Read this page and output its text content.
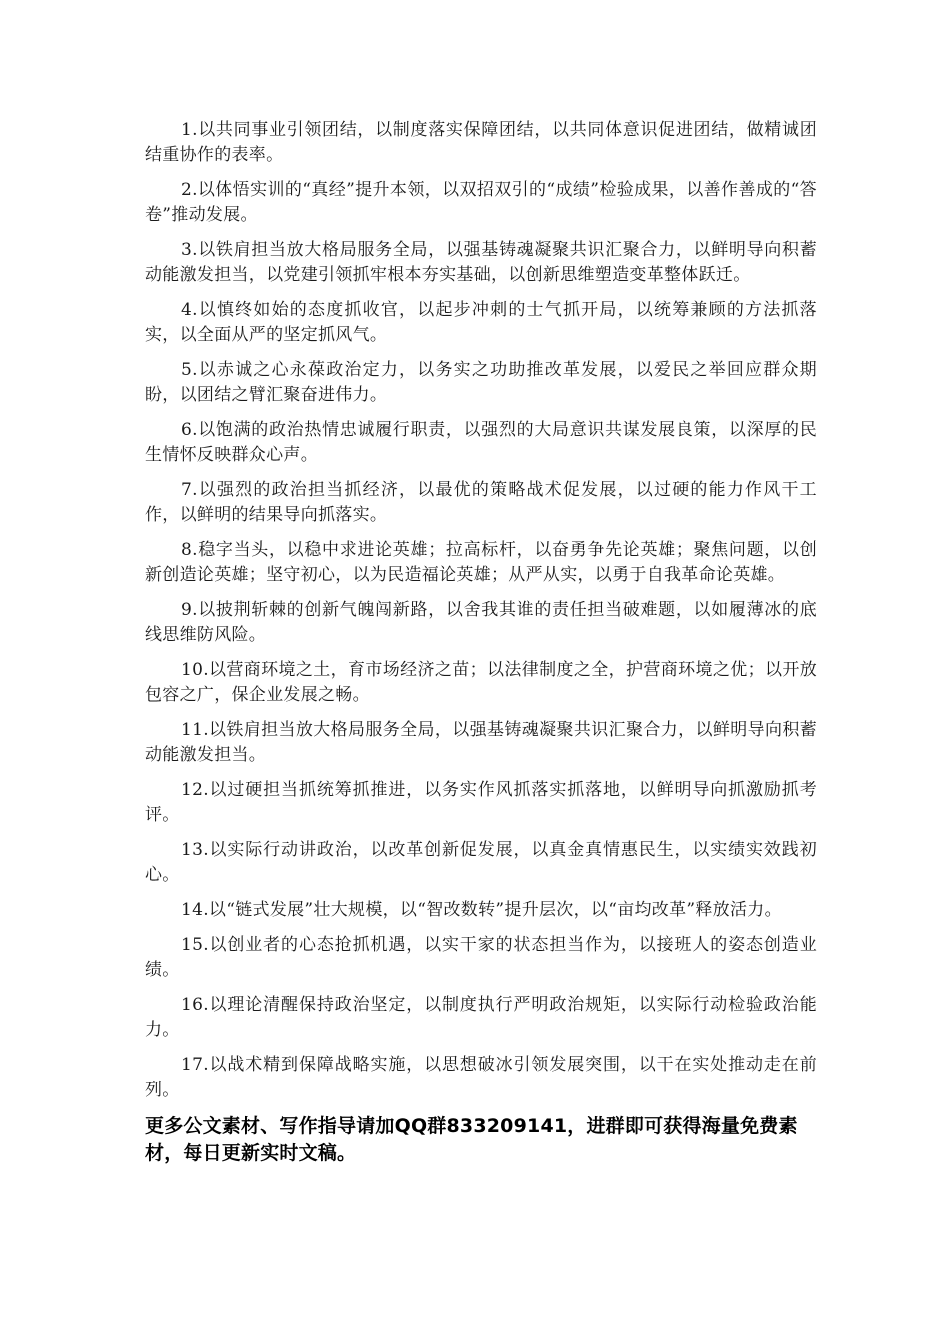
1.以共同事业引领团结，以制度落实保障团结，以共同体意识促进团结，做精诚团结重协作的表率。

2.以体悟实训的“真经”提升本领，以双招双引的“成绩”检验成果，以善作善成的“答卷”推动发展。

3.以铁肩担当放大格局服务全局，以强基铸魂凝聚共识汇聚合力，以鲜明导向积蓄动能激发担当，以党建引领抓牢根本夯实基础，以创新思维塑造变革整体跃迁。

4.以慎终如始的态度抓收官，以起步冲刺的士气抓开局，以统筹兼顾的方法抓落实，以全面从严的坚定抓风气。

5.以赤诚之心永葆政治定力，以务实之功助推改革发展，以爱民之举回应群众期盼，以团结之臂汇聚奋进伟力。

6.以饱满的政治热情忠诚履行职责，以强烈的大局意识共谋发展良策，以深厚的民生情怀反映群众心声。

7.以强烈的政治担当抓经济，以最优的策略战术促发展，以过硬的能力作风干工作，以鲜明的结果导向抓落实。

8.稳字当头，以稳中求进论英雄；拉高标杆，以奋勇争先论英雄；聚焦问题，以创新创造论英雄；坚守初心，以为民造福论英雄；从严从实，以勇于自我革命论英雄。

9.以披荆斩棘的创新气魄闯新路，以舍我其谁的责任担当破难题，以如履薄冰的底线思维防风险。

10.以营商环境之土，育市场经济之苗；以法律制度之全，护营商环境之优；以开放包容之广，保企业发展之畅。

11.以铁肩担当放大格局服务全局，以强基铸魂凝聚共识汇聚合力，以鲜明导向积蓄动能激发担当。

12.以过硬担当抓统筹抓推进，以务实作风抓落实抓落地，以鲜明导向抓激励抓考评。

13.以实际行动讲政治，以改革创新促发展，以真金真情惠民生，以实绩实效践初心。

14.以“链式发展”壮大规模，以“智改数转”提升层次，以“亩均改革”释放活力。

15.以创业者的心态抢抓机遇，以实干家的状态担当作为，以接班人的姿态创造业绩。

16.以理论清醒保持政治坚定，以制度执行严明政治规矩，以实际行动检验政治能力。

17.以战术精到保障战略实施，以思想破冰引领发展突围，以干在实处推动走在前列。

更多公文素材、写作指导请加QQ群833209141，进群即可获得海量免费素材，每日更新实时文稿。
